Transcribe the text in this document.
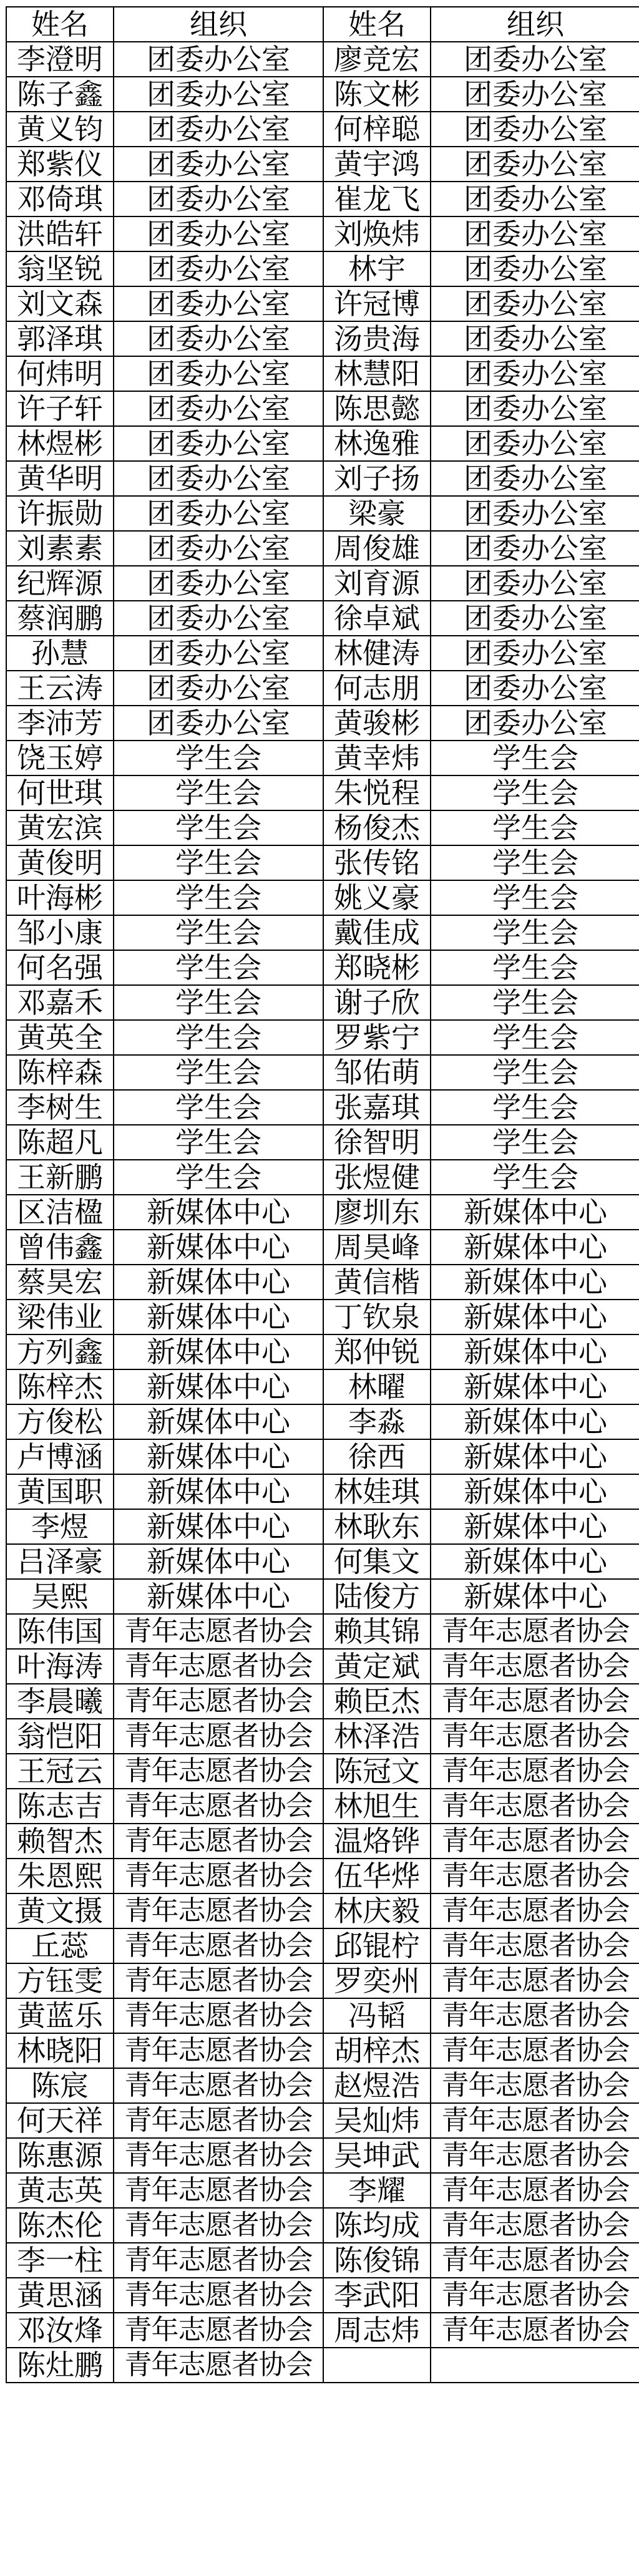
姓名	组织	姓名	组织
李澄明	团委办公室	廖竞宏	团委办公室
陈子鑫	团委办公室	陈文彬	团委办公室
黄义钧	团委办公室	何梓聪	团委办公室
郑紫仪	团委办公室	黄宇鸿	团委办公室
邓倚琪	团委办公室	崔龙飞	团委办公室
洪皓轩	团委办公室	刘焕炜	团委办公室
翁坚锐	团委办公室	林宇	团委办公室
刘文森	团委办公室	许冠博	团委办公室
郭泽琪	团委办公室	汤贵海	团委办公室
何炜明	团委办公室	林慧阳	团委办公室
许子轩	团委办公室	陈思懿	团委办公室
林煜彬	团委办公室	林逸雅	团委办公室
黄华明	团委办公室	刘子扬	团委办公室
许振勋	团委办公室	梁豪	团委办公室
刘素素	团委办公室	周俊雄	团委办公室
纪辉源	团委办公室	刘育源	团委办公室
蔡润鹏	团委办公室	徐卓斌	团委办公室
孙慧	团委办公室	林健涛	团委办公室
王云涛	团委办公室	何志朋	团委办公室
李沛芳	团委办公室	黄骏彬	团委办公室
饶玉婷	学生会	黄幸炜	学生会
何世琪	学生会	朱悦程	学生会
黄宏滨	学生会	杨俊杰	学生会
黄俊明	学生会	张传铭	学生会
叶海彬	学生会	姚义豪	学生会
邹小康	学生会	戴佳成	学生会
何名强	学生会	郑晓彬	学生会
邓嘉禾	学生会	谢子欣	学生会
黄英全	学生会	罗紫宁	学生会
陈梓森	学生会	邹佑萌	学生会
李树生	学生会	张嘉琪	学生会
陈超凡	学生会	徐智明	学生会
王新鹏	学生会	张煜健	学生会
区洁楹	新媒体中心	廖圳东	新媒体中心
曾伟鑫	新媒体中心	周昊峰	新媒体中心
蔡昊宏	新媒体中心	黄信楷	新媒体中心
梁伟业	新媒体中心	丁钦泉	新媒体中心
方列鑫	新媒体中心	郑仲锐	新媒体中心
陈梓杰	新媒体中心	林曜	新媒体中心
方俊松	新媒体中心	李淼	新媒体中心
卢博涵	新媒体中心	徐西	新媒体中心
黄国职	新媒体中心	林娃琪	新媒体中心
李煜	新媒体中心	林耿东	新媒体中心
吕泽豪	新媒体中心	何集文	新媒体中心
吴熙	新媒体中心	陆俊方	新媒体中心
陈伟国	青年志愿者协会	赖其锦	青年志愿者协会
叶海涛	青年志愿者协会	黄定斌	青年志愿者协会
李晨曦	青年志愿者协会	赖臣杰	青年志愿者协会
翁恺阳	青年志愿者协会	林泽浩	青年志愿者协会
王冠云	青年志愿者协会	陈冠文	青年志愿者协会
陈志吉	青年志愿者协会	林旭生	青年志愿者协会
赖智杰	青年志愿者协会	温烙铧	青年志愿者协会
朱恩熙	青年志愿者协会	伍华烨	青年志愿者协会
黄文摄	青年志愿者协会	林庆毅	青年志愿者协会
丘蕊	青年志愿者协会	邱锟柠	青年志愿者协会
方钰雯	青年志愿者协会	罗奕州	青年志愿者协会
黄蓝乐	青年志愿者协会	冯韬	青年志愿者协会
林晓阳	青年志愿者协会	胡梓杰	青年志愿者协会
陈宸	青年志愿者协会	赵煜浩	青年志愿者协会
何天祥	青年志愿者协会	吴灿炜	青年志愿者协会
陈惠源	青年志愿者协会	吴坤武	青年志愿者协会
黄志英	青年志愿者协会	李耀	青年志愿者协会
陈杰伦	青年志愿者协会	陈均成	青年志愿者协会
李一柱	青年志愿者协会	陈俊锦	青年志愿者协会
黄思涵	青年志愿者协会	李武阳	青年志愿者协会
邓汝烽	青年志愿者协会	周志炜	青年志愿者协会
陈灶鹏	青年志愿者协会		
